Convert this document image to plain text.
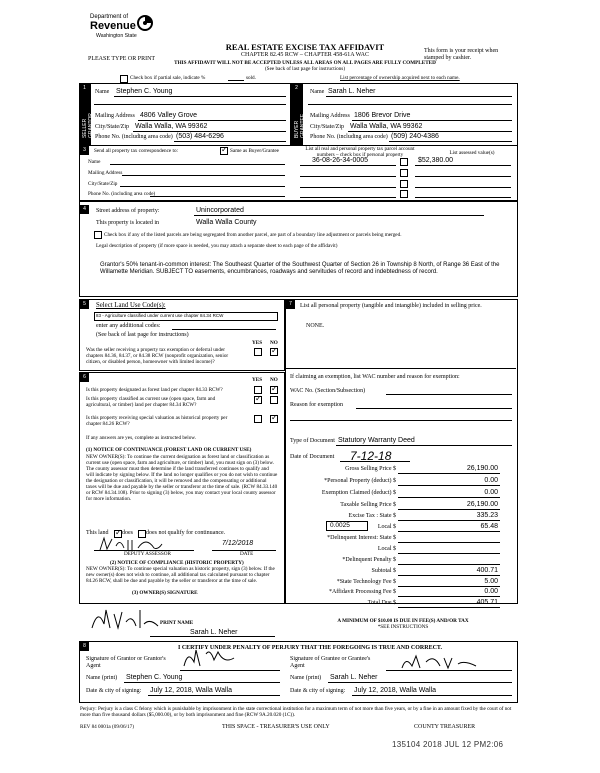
Department of
Revenue
Washington State
REAL ESTATE EXCISE TAX AFFIDAVIT
CHAPTER 82.45 RCW – CHAPTER 458-61A WAC
THIS AFFIDAVIT WILL NOT BE ACCEPTED UNLESS ALL AREAS ON ALL PAGES ARE FULLY COMPLETED
(See back of last page for instructions)
PLEASE TYPE OR PRINT
This form is your receipt when stamped by cashier.
Check box if partial sale, indicate %	sold.	List percentage of ownership acquired next to each name.
1
SELLER GRANTOR
Name Stephen C. Young
Mailing Address 4806 Valley Grove
City/State/Zip Walla Walla, WA 99362
Phone No. (including area code) (503) 484-6296
2
BUYER GRANTEE
Name Sarah L. Neher
Mailing Address 1806 Brevor Drive
City/State/Zip Walla Walla, WA 99362
Phone No. (including area code) (509) 240-4386
3	Send all property tax correspondence to: ✓	Same as Buyer/Grantee	List all real and personal property tax parcel account numbers – check box if personal property	List assessed value(s)
Name
Mailing Address
City/State/Zip
Phone No. (including area code)
36-08-26-34-0005	$52,380.00
4	Street address of property:	Unincorporated
This property is located in	Walla Walla County
Check box if any of the listed parcels are being segregated from another parcel, are part of a boundary line adjustment or parcels being merged.
Legal description of property (if more space is needed, you may attach a separate sheet to each page of the affidavit)
Grantor's 50% tenant-in-common interest: The Southeast Quarter of the Southwest Quarter of Section 26 in Township 8 North, of Range 36 East of the Willamette Meridian. SUBJECT TO easements, encumbrances, roadways and servitudes of record and indebtedness of record.
5	Select Land Use Code(s):
83 - Agriculture classified under current use chapter 84.34 RCW
enter any additional codes:
(See back of last page for instructions)
YES NO
Was the seller receiving a property tax exemption or deferral under chapters 84.36, 84.37, or 84.38 RCW (nonprofit organization, senior citizen, or disabled person, homeowner with limited income)?
✓
6	YES NO
Is this property designated as forest land per chapter 84.33 RCW?
✓
Is this property classified as current use (open space, farm and agricultural, or timber) land per chapter 84.34 RCW?
✓
Is this property receiving special valuation as historical property per chapter 84.26 RCW?
✓
If any answers are yes, complete as instructed below.
(1) NOTICE OF CONTINUANCE (FOREST LAND OR CURRENT USE)
NEW OWNER(S): To continue the current designation as forest land or classification as current use (open space, farm and agriculture, or timber) land, you must sign on (3) below. The county assessor must then determine if the land transferred continues to qualify and will indicate by signing below. If the land no longer qualifies or you do not wish to continue the designation or classification, it will be removed and the compensating or additional taxes will be due and payable by the seller or transferor at the time of sale. (RCW 84.33.140 or RCW 84.34.108). Prior to signing (3) below, you may contact your local county assessor for more information.
This land ✓ does does not qualify for continuance.
7/12/2018
DEPUTY ASSESSOR	DATE
(2) NOTICE OF COMPLIANCE (HISTORIC PROPERTY)
NEW OWNER(S): To continue special valuation as historic property, sign (3) below. If the new owner(s) does not wish to continue, all additional tax calculated pursuant to chapter 84.26 RCW, shall be due and payable by the seller or transferor at the time of sale.
(3) OWNER(S) SIGNATURE
PRINT NAME
Sarah L. Neher
7	List all personal property (tangible and intangible) included in selling price.
NONE.
If claiming an exemption, list WAC number and reason for exemption:
WAC No. (Section/Subsection)
Reason for exemption
Type of Document Statutory Warranty Deed
Date of Document 7-12-18
Gross Selling Price $	26,190.00
*Personal Property (deduct) $	0.00
Exemption Claimed (deduct) $	0.00
Taxable Selling Price $	26,190.00
Excise Tax : State $	335.23
0.0025	Local $	65.48
*Delinquent Interest: State $
Local $
*Delinquent Penalty $
Subtotal $	400.71
*State Technology Fee $	5.00
*Affidavit Processing Fee $	0.00
Total Due $	405.71
A MINIMUM OF $10.00 IS DUE IN FEE(S) AND/OR TAX
*SEE INSTRUCTIONS
8	I CERTIFY UNDER PENALTY OF PERJURY THAT THE FOREGOING IS TRUE AND CORRECT.
Signature of Grantor or Grantor's Agent
Signature of Grantee or Grantee's Agent
Name (print) Stephen C. Young	Name (print) Sarah L. Neher
Date & city of signing: July 12, 2018, Walla Walla	Date & city of signing: July 12, 2018, Walla Walla
Perjury: Perjury is a class C felony which is punishable by imprisonment in the state correctional institution for a maximum term of not more than five years, or by a fine in an amount fixed by the court of not more than five thousand dollars ($5,000.00), or by both imprisonment and fine (RCW 9A.20.020 (1C)).
REV 84 0001a (09/06/17)	THIS SPACE - TREASURER'S USE ONLY	COUNTY TREASURER
135104 2018 JUL 12 PM2:06
